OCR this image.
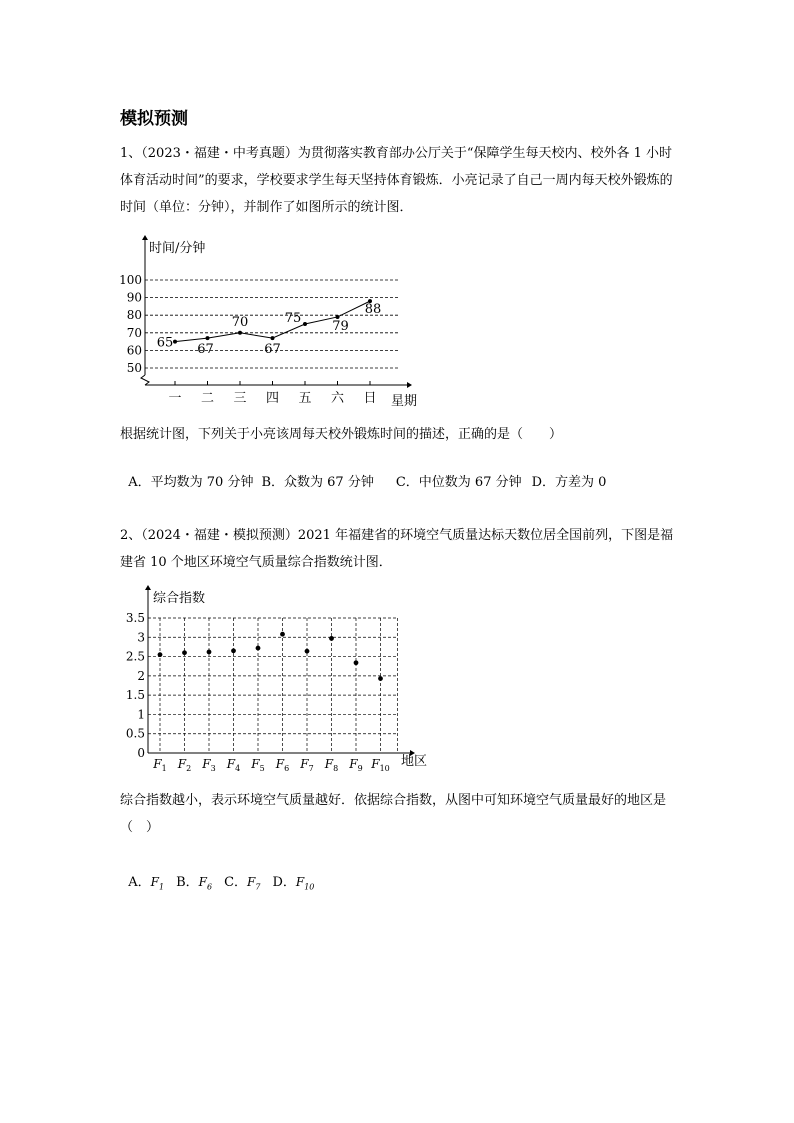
模拟预测
1、（2023・福建・中考真题）为贯彻落实教育部办公厅关于“保障学生每天校内、校外各 1 小时体育活动时间”的要求，学校要求学生每天坚持体育锻炼．小亮记录了自己一周内每天校外锻炼的时间（单位：分钟），并制作了如图所示的统计图．
50
60
70
80
90
100
一 二 三 四 五 六 日
时间/分钟
星期
65 67
70
67
75
79
88
根据统计图，下列关于小亮该周每天校外锻炼时间的描述，正确的是（　　）

A．平均数为 70 分钟 B．众数为 67 分钟 C．中位数为 67 分钟 D．方差为 0

2、（2024・福建・模拟预测）2021 年福建省的环境空气质量达标天数位居全国前列，下图是福建省 10 个地区环境空气质量综合指数统计图．
0
0.5
1
1.5
2
2.5
3
3.5
$F_1$ $F_2$ $F_3$ $F_4$ $F_5$ $F_6$ $F_7$ $F_8$ $F_9$ $F_{10}$
综合指数
地区
综合指数越小，表示环境空气质量越好．依据综合指数，从图中可知环境空气质量最好的地区是（　）

A．$F_1$ B．$F_6$ C．$F_7$ D．$F_{10}$
